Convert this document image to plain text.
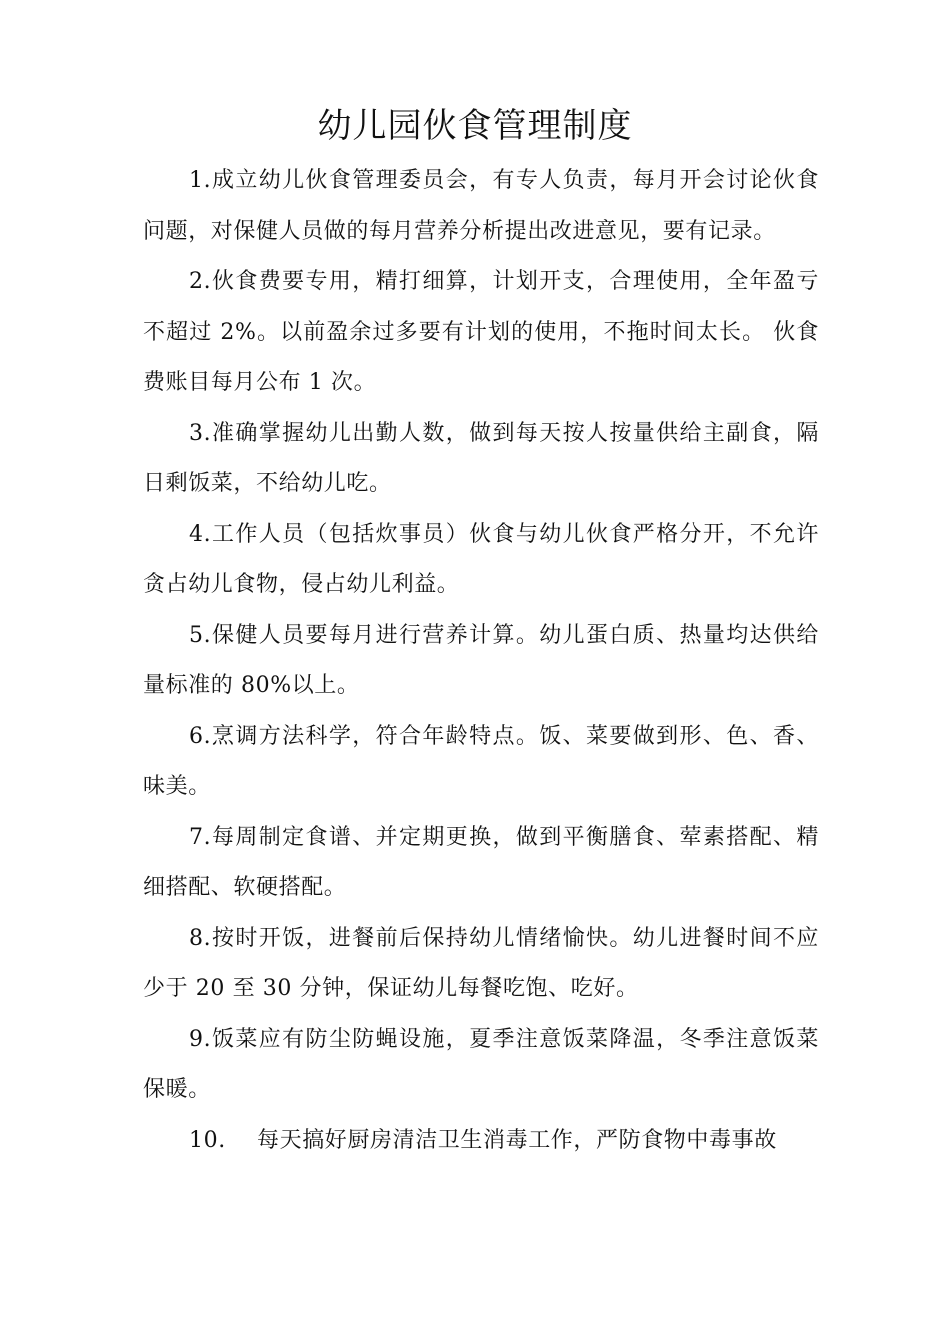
幼儿园伙食管理制度

1.成立幼儿伙食管理委员会，有专人负责，每月开会讨论伙食问题，对保健人员做的每月营养分析提出改进意见，要有记录。

2.伙食费要专用，精打细算，计划开支，合理使用，全年盈亏不超过 2%。以前盈余过多要有计划的使用，不拖时间太长。 伙食费账目每月公布 1 次。

3.准确掌握幼儿出勤人数，做到每天按人按量供给主副食，隔日剩饭菜，不给幼儿吃。

4.工作人员（包括炊事员）伙食与幼儿伙食严格分开，不允许贪占幼儿食物，侵占幼儿利益。

5.保健人员要每月进行营养计算。幼儿蛋白质、热量均达供给量标准的 80%以上。

6.烹调方法科学，符合年龄特点。饭、菜要做到形、色、香、 味美。

7.每周制定食谱、并定期更换，做到平衡膳食、荤素搭配、精细搭配、软硬搭配。

8.按时开饭，进餐前后保持幼儿情绪愉快。幼儿进餐时间不应少于 20 至 30 分钟，保证幼儿每餐吃饱、吃好。

9.饭菜应有防尘防蝇设施，夏季注意饭菜降温，冬季注意饭菜保暖。

10. 每天搞好厨房清洁卫生消毒工作，严防食物中毒事故
